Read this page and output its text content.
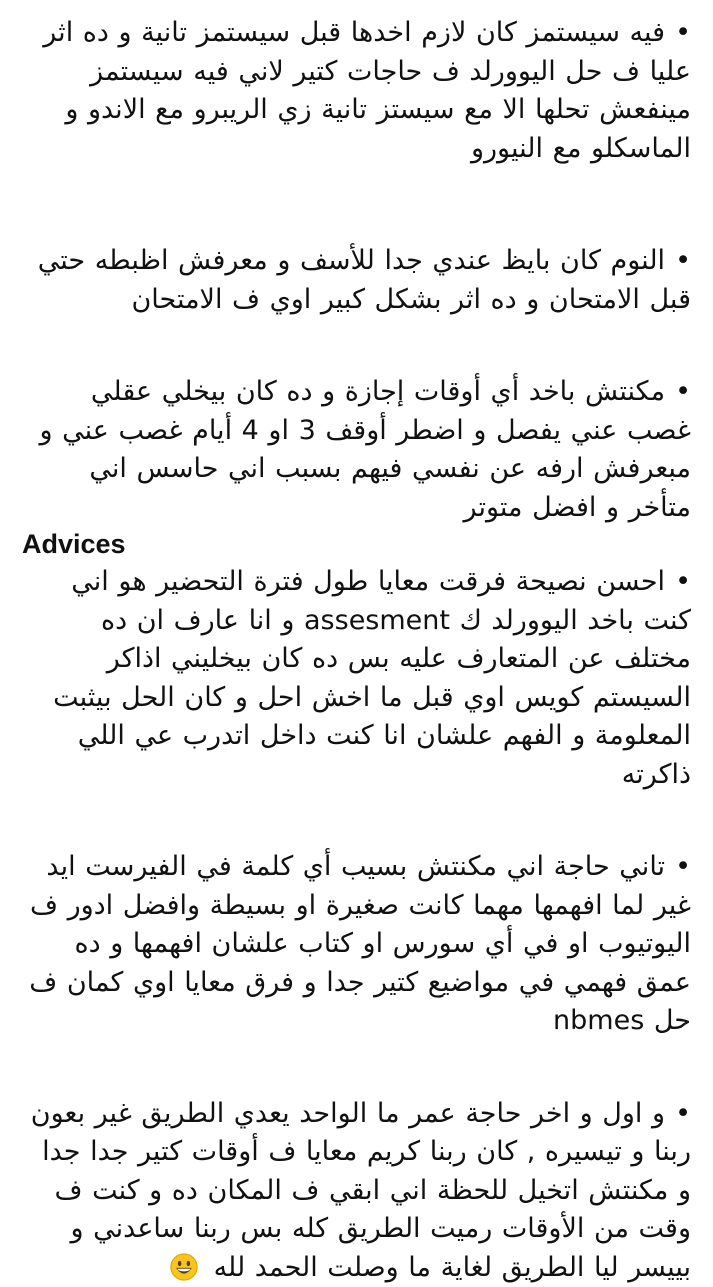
•فيه سيستمز كان لازم اخدها قبل سيستمز تانية و ده اثر عليا ف حل اليوورلد ف حاجات كتير لاني فيه سيستمز مينفعش تحلها الا مع سيستز تانية زي الريبرو مع الاندو و الماسكلو مع النيورو

•النوم كان بايظ عندي جدا للأسف و معرفش اظبطه حتي قبل الامتحان و ده اثر بشكل كبير اوي ف الامتحان

•مكنتش باخد أي أوقات إجازة و ده كان بيخلي عقلي غصب عني يفصل و اضطر أوقف 3 او 4 أيام غصب عني و مبعرفش ارفه عن نفسي فيهم بسبب اني حاسس اني متأخر و افضل متوتر

Advices

•احسن نصيحة فرقت معايا طول فترة التحضير هو اني كنت باخد اليوورلد ك assesment و انا عارف ان ده مختلف عن المتعارف عليه بس ده كان بيخليني اذاكر السيستم كويس اوي قبل ما اخش احل و كان الحل بيثبت المعلومة و الفهم علشان انا كنت داخل اتدرب عي اللي ذاكرته

•تاني حاجة اني مكنتش بسيب أي كلمة في الفيرست ايد غير لما افهمها مهما كانت صغيرة او بسيطة وافضل ادور ف اليوتيوب او في أي سورس او كتاب علشان افهمها و ده عمق فهمي في مواضيع كتير جدا و فرق معايا اوي كمان ف حل nbmes

•و اول و اخر حاجة عمر ما الواحد يعدي الطريق غير بعون ربنا و تيسيره , كان ربنا كريم معايا ف أوقات كتير جدا جدا و مكنتش اتخيل للحظة اني ابقي ف المكان ده و كنت ف وقت من الأوقات رميت الطريق كله بس ربنا ساعدني و بييسر ليا الطريق لغاية ما وصلت الحمد لله
